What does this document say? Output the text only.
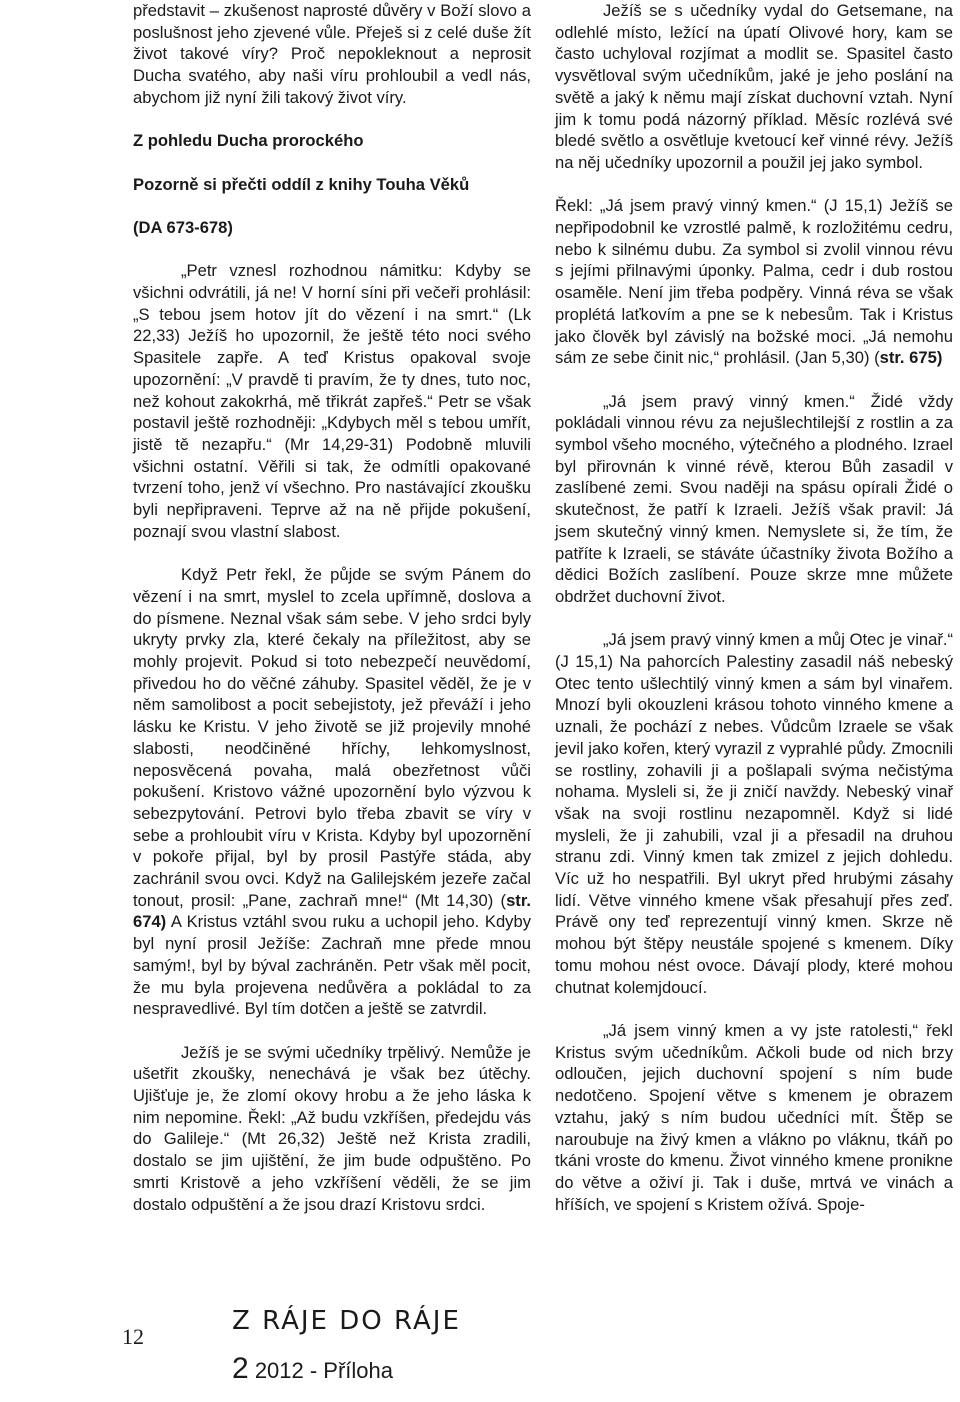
představit – zkušenost naprosté důvěry v Boží slovo a poslušnost jeho zjevené vůle. Přeješ si z celé duše žít život takové víry? Proč nepokleknout a neprosit Ducha svatého, aby naši víru prohloubil a vedl nás, abychom již nyní žili takový život víry.

Z pohledu Ducha prorockého
Pozorně si přečti oddíl z knihy Touha Věků
(DA 673-678)

„Petr vznesl rozhodnou námitku: Kdyby se všichni odvrátili, já ne! V horní síni při večeři prohlásil: „S tebou jsem hotov jít do vězení i na smrt.“ (Lk 22,33) Ježíš ho upozornil, že ještě této noci svého Spasitele zapře. A teď Kristus opakoval svoje upozornění: „V pravdě ti pravím, že ty dnes, tuto noc, než kohout zakokrhá, mě třikrát zapřeš.“ Petr se však postavil ještě rozhodněji: „Kdybych měl s tebou umřít, jistě tě nezapřu.“ (Mr 14,29-31) Podobně mluvili všichni ostatní. Věřili si tak, že odmítli opakované tvrzení toho, jenž ví všechno. Pro nastávající zkoušku byli nepřipraveni. Teprve až na ně přijde pokušení, poznají svou vlastní slabost.

Když Petr řekl, že půjde se svým Pánem do vězení i na smrt, myslel to zcela upřímně, doslova a do písmene. Neznal však sám sebe. V jeho srdci byly ukryty prvky zla, které čekaly na příležitost, aby se mohly projevit. Pokud si toto nebezpečí neuvědomí, přivedou ho do věčné záhuby. Spasitel věděl, že je v něm samolibost a pocit sebejistoty, jež převáží i jeho lásku ke Kristu. V jeho životě se již projevily mnohé slabosti, neodčiněné hříchy, lehkomyslnost, neposvěcená povaha, malá obezřetnost vůči pokušení. Kristovo vážné upozornění bylo výzvou k sebezpytování. Petrovi bylo třeba zbavit se víry v sebe a prohloubit víru v Krista. Kdyby byl upozornění v pokoře přijal, byl by prosil Pastýře stáda, aby zachránil svou ovci. Když na Galilejském jezeře začal tonout, prosil: „Pane, zachraň mne!“ (Mt 14,30) (str. 674) A Kristus vztáhl svou ruku a uchopil jeho. Kdyby byl nyní prosil Ježíše: Zachraň mne přede mnou samým!, byl by býval zachráněn. Petr však měl pocit, že mu byla projevena nedůvěra a pokládal to za nespravedlivé. Byl tím dotčen a ještě se zatvrdil.

Ježíš je se svými učedníky trpělivý. Nemůže je ušetřit zkoušky, nenechává je však bez útěchy. Ujišťuje je, že zlomí okovy hrobu a že jeho láska k nim nepomine. Řekl: „Až budu vzkříšen, předejdu vás do Galileje.“ (Mt 26,32) Ještě než Krista zradili, dostalo se jim ujištění, že jim bude odpuštěno. Po smrti Kristově a jeho vzkříšení věděli, že se jim dostalo odpuštění a že jsou drazí Kristovu srdci.

Ježíš se s učedníky vydal do Getsemane, na odlehlé místo, ležící na úpatí Olivové hory, kam se často uchyloval rozjímat a modlit se. Spasitel často vysvětloval svým učedníkům, jaké je jeho poslání na světě a jaký k němu mají získat duchovní vztah. Nyní jim k tomu podá názorný příklad. Měsíc rozlévá své bledé světlo a osvětluje kvetoucí keř vinné révy. Ježíš na něj učedníky upozornil a použil jej jako symbol.

Řekl: „Já jsem pravý vinný kmen.“ (J 15,1) Ježíš se nepřipodobnil ke vzrostlé palmě, k rozložitému cedru, nebo k silnému dubu. Za symbol si zvolil vinnou révu s jejími přilnavými úponky. Palma, cedr i dub rostou osaměle. Není jim třeba podpěry. Vinná réva se však proplétá laťkovím a pne se k nebesům. Tak i Kristus jako člověk byl závislý na božské moci. „Já nemohu sám ze sebe činit nic,“ prohlásil. (Jan 5,30) (str. 675)

„Já jsem pravý vinný kmen.“ Židé vždy pokládali vinnou révu za nejušlechtilejší z rostlin a za symbol všeho mocného, výtečného a plodného. Izrael byl přirovnán k vinné révě, kterou Bůh zasadil v zaslíbené zemi. Svou naději na spásu opírali Židé o skutečnost, že patří k Izraeli. Ježíš však pravil: Já jsem skutečný vinný kmen. Nemyslete si, že tím, že patříte k Izraeli, se stáváte účastníky života Božího a dědici Božích zaslíbení. Pouze skrze mne můžete obdržet duchovní život.

„Já jsem pravý vinný kmen a můj Otec je vinař.“ (J 15,1) Na pahorcích Palestiny zasadil náš nebeský Otec tento ušlechtilý vinný kmen a sám byl vinařem. Mnozí byli okouzleni krásou tohoto vinného kmene a uznali, že pochází z nebes. Vůdcům Izraele se však jevil jako kořen, který vyrazil z vyprahlé půdy. Zmocnili se rostliny, zohavili ji a pošlapali svýma nečistýma nohama. Mysleli si, že ji zničí navždy. Nebeský vinař však na svoji rostlinu nezapomněl. Když si lidé mysleli, že ji zahubili, vzal ji a přesadil na druhou stranu zdi. Vinný kmen tak zmizel z jejich dohledu. Víc už ho nespatřili. Byl ukryt před hrubými zásahy lidí. Větve vinného kmene však přesahují přes zeď. Právě ony teď reprezentují vinný kmen. Skrze ně mohou být štěpy neustále spojené s kmenem. Díky tomu mohou nést ovoce. Dávají plody, které mohou chutnat kolemjdoucí.

„Já jsem vinný kmen a vy jste ratolesti,“ řekl Kristus svým učedníkům. Ačkoli bude od nich brzy odloučen, jejich duchovní spojení s ním bude nedotčeno. Spojení větve s kmenem je obrazem vztahu, jaký s ním budou učedníci mít. Štěp se naroubuje na živý kmen a vlákno po vláknu, tkáň po tkáni vroste do kmenu. Život vinného kmene pronikne do větve a oživí ji. Tak i duše, mrtvá ve vinách a hříších, ve spojení s Kristem ožívá. Spoje-

12
Z RÁJE DO RÁJE
2 2012 - Příloha
